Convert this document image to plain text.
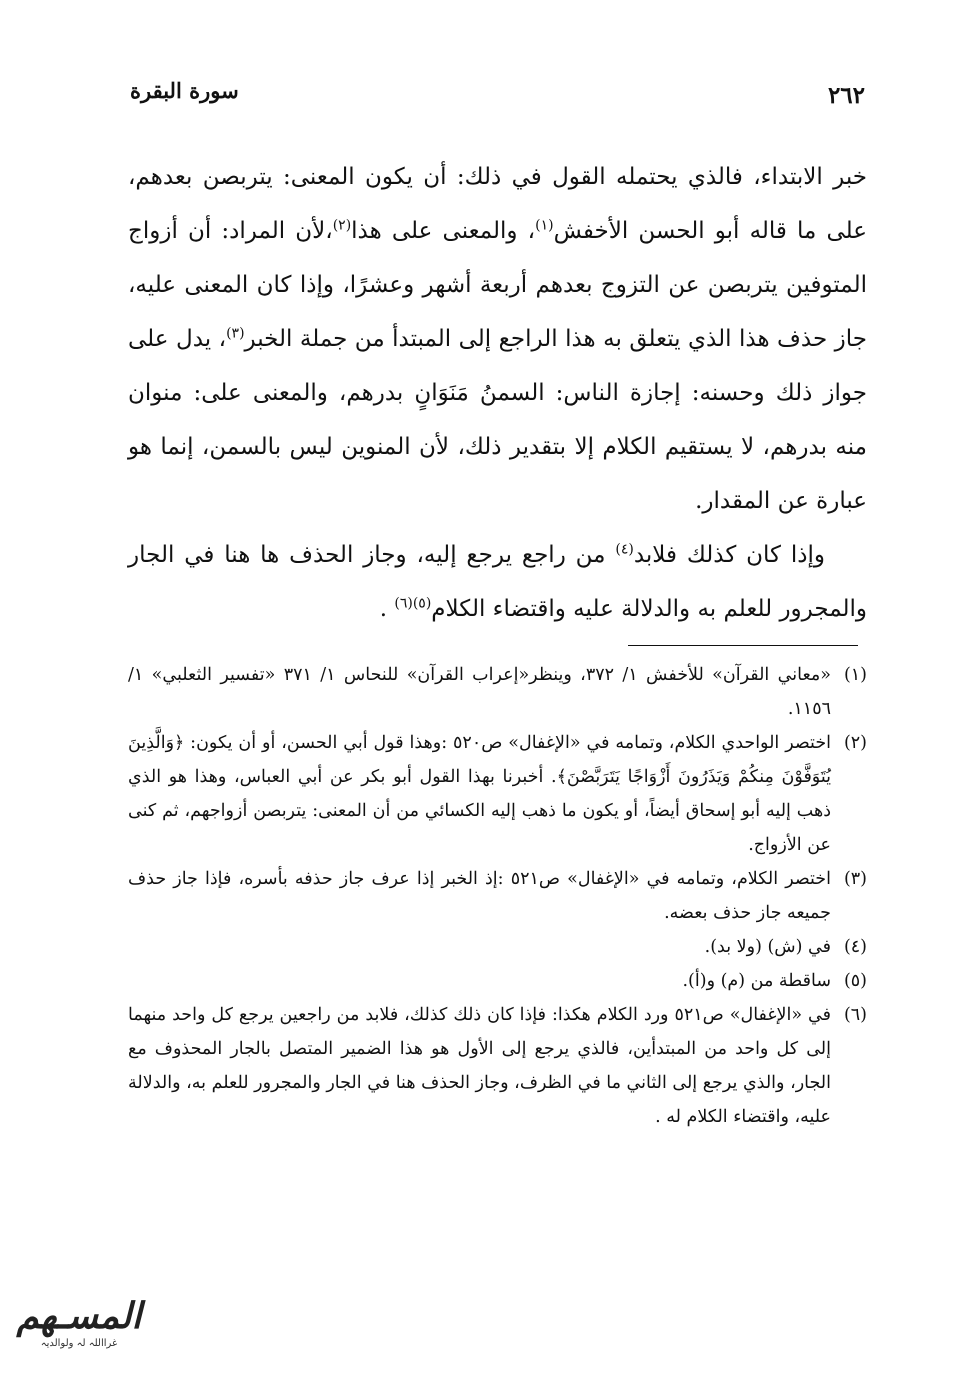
سورة البقرة	٢٦٢

خبر الابتداء، فالذي يحتمله القول في ذلك: أن يكون المعنى: يتربصن بعدهم، على ما قاله أبو الحسن الأخفش$^{(١)}$، والمعنى على هذا$^{(٢)}$،لأن المراد: أن أزواج المتوفين يتربصن عن التزوج بعدهم أربعة أشهر وعشرًا، وإذا كان المعنى عليه، جاز حذف هذا الذي يتعلق به هذا الراجع إلى المبتدأ من جملة الخبر$^{(٣)}$، يدل على جواز ذلك وحسنه: إجازة الناس: السمنُ مَنَوَانٍ بدرهم، والمعنى على: منوان منه بدرهم، لا يستقيم الكلام إلا بتقدير ذلك، لأن المنوين ليس بالسمن، إنما هو عبارة عن المقدار.

وإذا كان كذلك فلابد$^{(٤)}$ من راجع يرجع إليه، وجاز الحذف ها هنا في الجار والمجرور للعلم به والدلالة عليه واقتضاء الكلام$^{(٥)(٦)}$ .

(١)
«معاني القرآن» للأخفش ١/ ٣٧٢، وينظر«إعراب القرآن» للنحاس ١/ ٣٧١ «تفسير الثعلبي» ١/ ١١٥٦.

(٢)
اختصر الواحدي الكلام، وتمامه في «الإغفال» ص٥٢٠ :وهذا قول أبي الحسن، أو أن يكون: ﴿وَالَّذِينَ يُتَوَفَّوْنَ مِنكُمْ وَيَذَرُونَ أَزْوَاجًا يَتَرَبَّصْنَ﴾. أخبرنا بهذا القول أبو بكر عن أبي العباس، وهذا هو الذي ذهب إليه أبو إسحاق أيضاً، أو يكون ما ذهب إليه الكسائي من أن المعنى: يتربصن أزواجهم، ثم كنى عن الأزواج.

(٣)
اختصر الكلام، وتمامه في «الإغفال» ص٥٢١ :إذ الخبر إذا عرف جاز حذفه بأسره، فإذا جاز حذف جميعه جاز حذف بعضه.

(٤)
في (ش) (ولا بد).

(٥)
ساقطة من (م) و(أ).

(٦)
في «الإغفال» ص٥٢١ ورد الكلام هكذا: فإذا كان ذلك كذلك، فلابد من راجعين يرجع كل واحد منهما إلى كل واحد من المبتدأين، فالذي يرجع إلى الأول هو هذا الضمير المتصل بالجار المحذوف مع الجار، والذي يرجع إلى الثاني ما في الظرف، وجاز الحذف هنا في الجار والمجرور للعلم به، والدلالة عليه، واقتضاء الكلام له .

المسـهم
غرااللہ لہ ولوالدیہ
